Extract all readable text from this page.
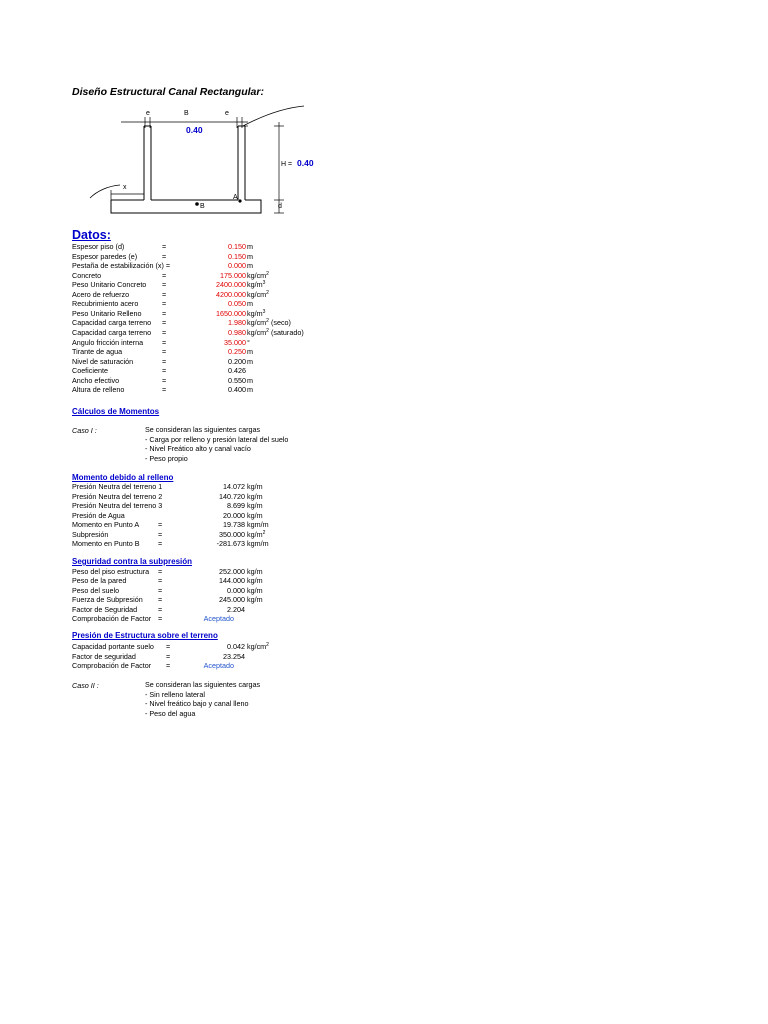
Diseño Estructural Canal Rectangular:
e	B	e
0.40
H = 0.40
x
A
B	d
Datos:
Espesor piso (d)	=	0.150 m
Espesor paredes (e)	=	0.150 m
Pestaña de estabilización (x) =	0.000 m
Concreto	=	175.000 $kg/cm^2$
Peso Unitario Concreto =	2400.000 $kg/m^3$
Acero de refuerzo	=	4200.000 $kg/cm^2$
Recubrimiento acero	=	0.050 m
Peso Unitario Relleno	=	1650.000 $kg/m^3$
Capacidad carga terreno =	1.980 $kg/cm^2$ (seco)
Capacidad carga terreno =	0.980 $kg/cm^2$ (saturado)
Angulo fricción interna	=	35.000 °
Tirante de agua	=	0.250 m
Nivel de saturación	=	0.200 m
Coeficiente	=	0.426
Ancho efectivo	=	0.550 m
Altura de relleno	=	0.400 m
Cálculos de Momentos
Caso I :	Se consideran las siguientes cargas
- Carga por relleno y presión lateral del suelo
- Nivel Freático alto y canal vacío
- Peso propio
Momento debido al relleno
Presión Neutra del terreno 1	14.072 kg/m
Presión Neutra del terreno 2	140.720 kg/m
Presión Neutra del terreno 3	8.699 kg/m
Presión de Agua	20.000 kg/m
Momento en Punto A	=	19.738 kgm/m
Subpresión	=	350.000 $kg/m^2$
Momento en Punto B	=	-281.673 kgm/m
Seguridad contra la subpresión
Peso del piso estructura =	252.000 kg/m
Peso de la pared	=	144.000 kg/m
Peso del suelo	=	0.000 kg/m
Fuerza de Subpresión =	245.000 kg/m
Factor de Seguridad	=	2.204
Comprobación de Factor =	Aceptado
Presión de Estructura sobre el terreno
Capacidad portante suelo =	0.042 $kg/cm^2$
Factor de seguridad	=	23.254
Comprobación de Factor =	Aceptado
Caso II :	Se consideran las siguientes cargas
- Sin relleno lateral
- Nivel freático bajo y canal lleno
- Peso del agua
